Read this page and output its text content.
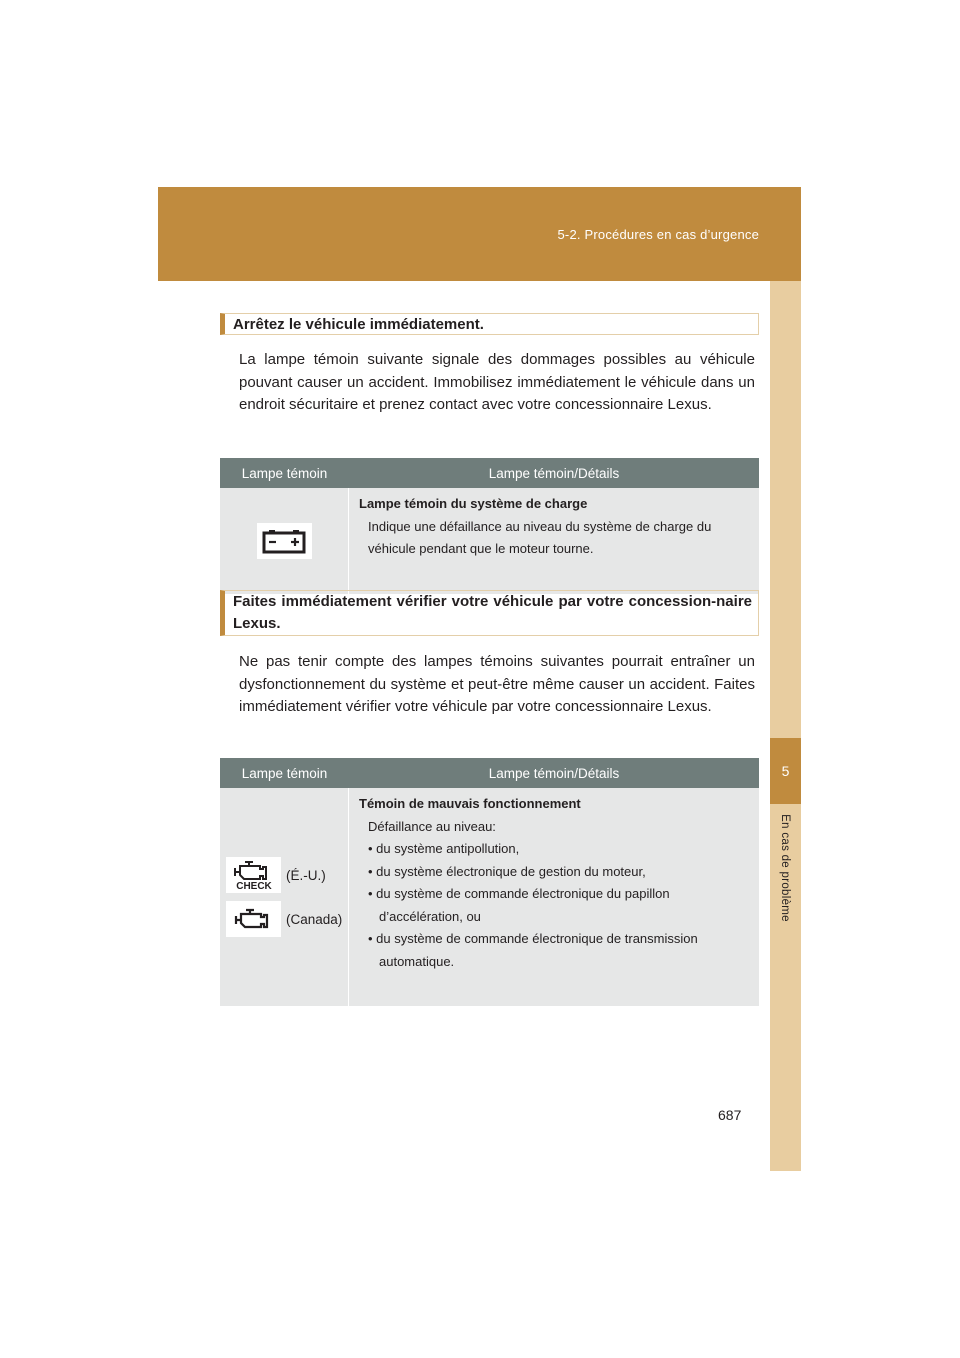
5-2. Procédures en cas d’urgence
5
En cas de problème
Arrêtez le véhicule immédiatement.
La lampe témoin suivante signale des dommages possibles au véhicule pouvant causer un accident. Immobilisez immédiatement le véhicule dans un endroit sécuritaire et prenez contact avec votre concessionnaire Lexus.
Lampe témoin	Lampe témoin/Détails
Lampe témoin du système de charge
Indique une défaillance au niveau du système de charge du véhicule pendant que le moteur tourne.
Faites immédiatement vérifier votre véhicule par votre concession-naire Lexus.
Ne pas tenir compte des lampes témoins suivantes pourrait entraîner un dysfonctionnement du système et peut-être même causer un accident. Faites immédiatement vérifier votre véhicule par votre concessionnaire Lexus.
Lampe témoin	Lampe témoin/Détails
CHECK
(É.-U.)
(Canada)
Témoin de mauvais fonctionnement
Défaillance au niveau:
• du système antipollution,
• du système électronique de gestion du moteur,
• du système de commande électronique du papillon d’accélération, ou
• du système de commande électronique de transmission automatique.
687
